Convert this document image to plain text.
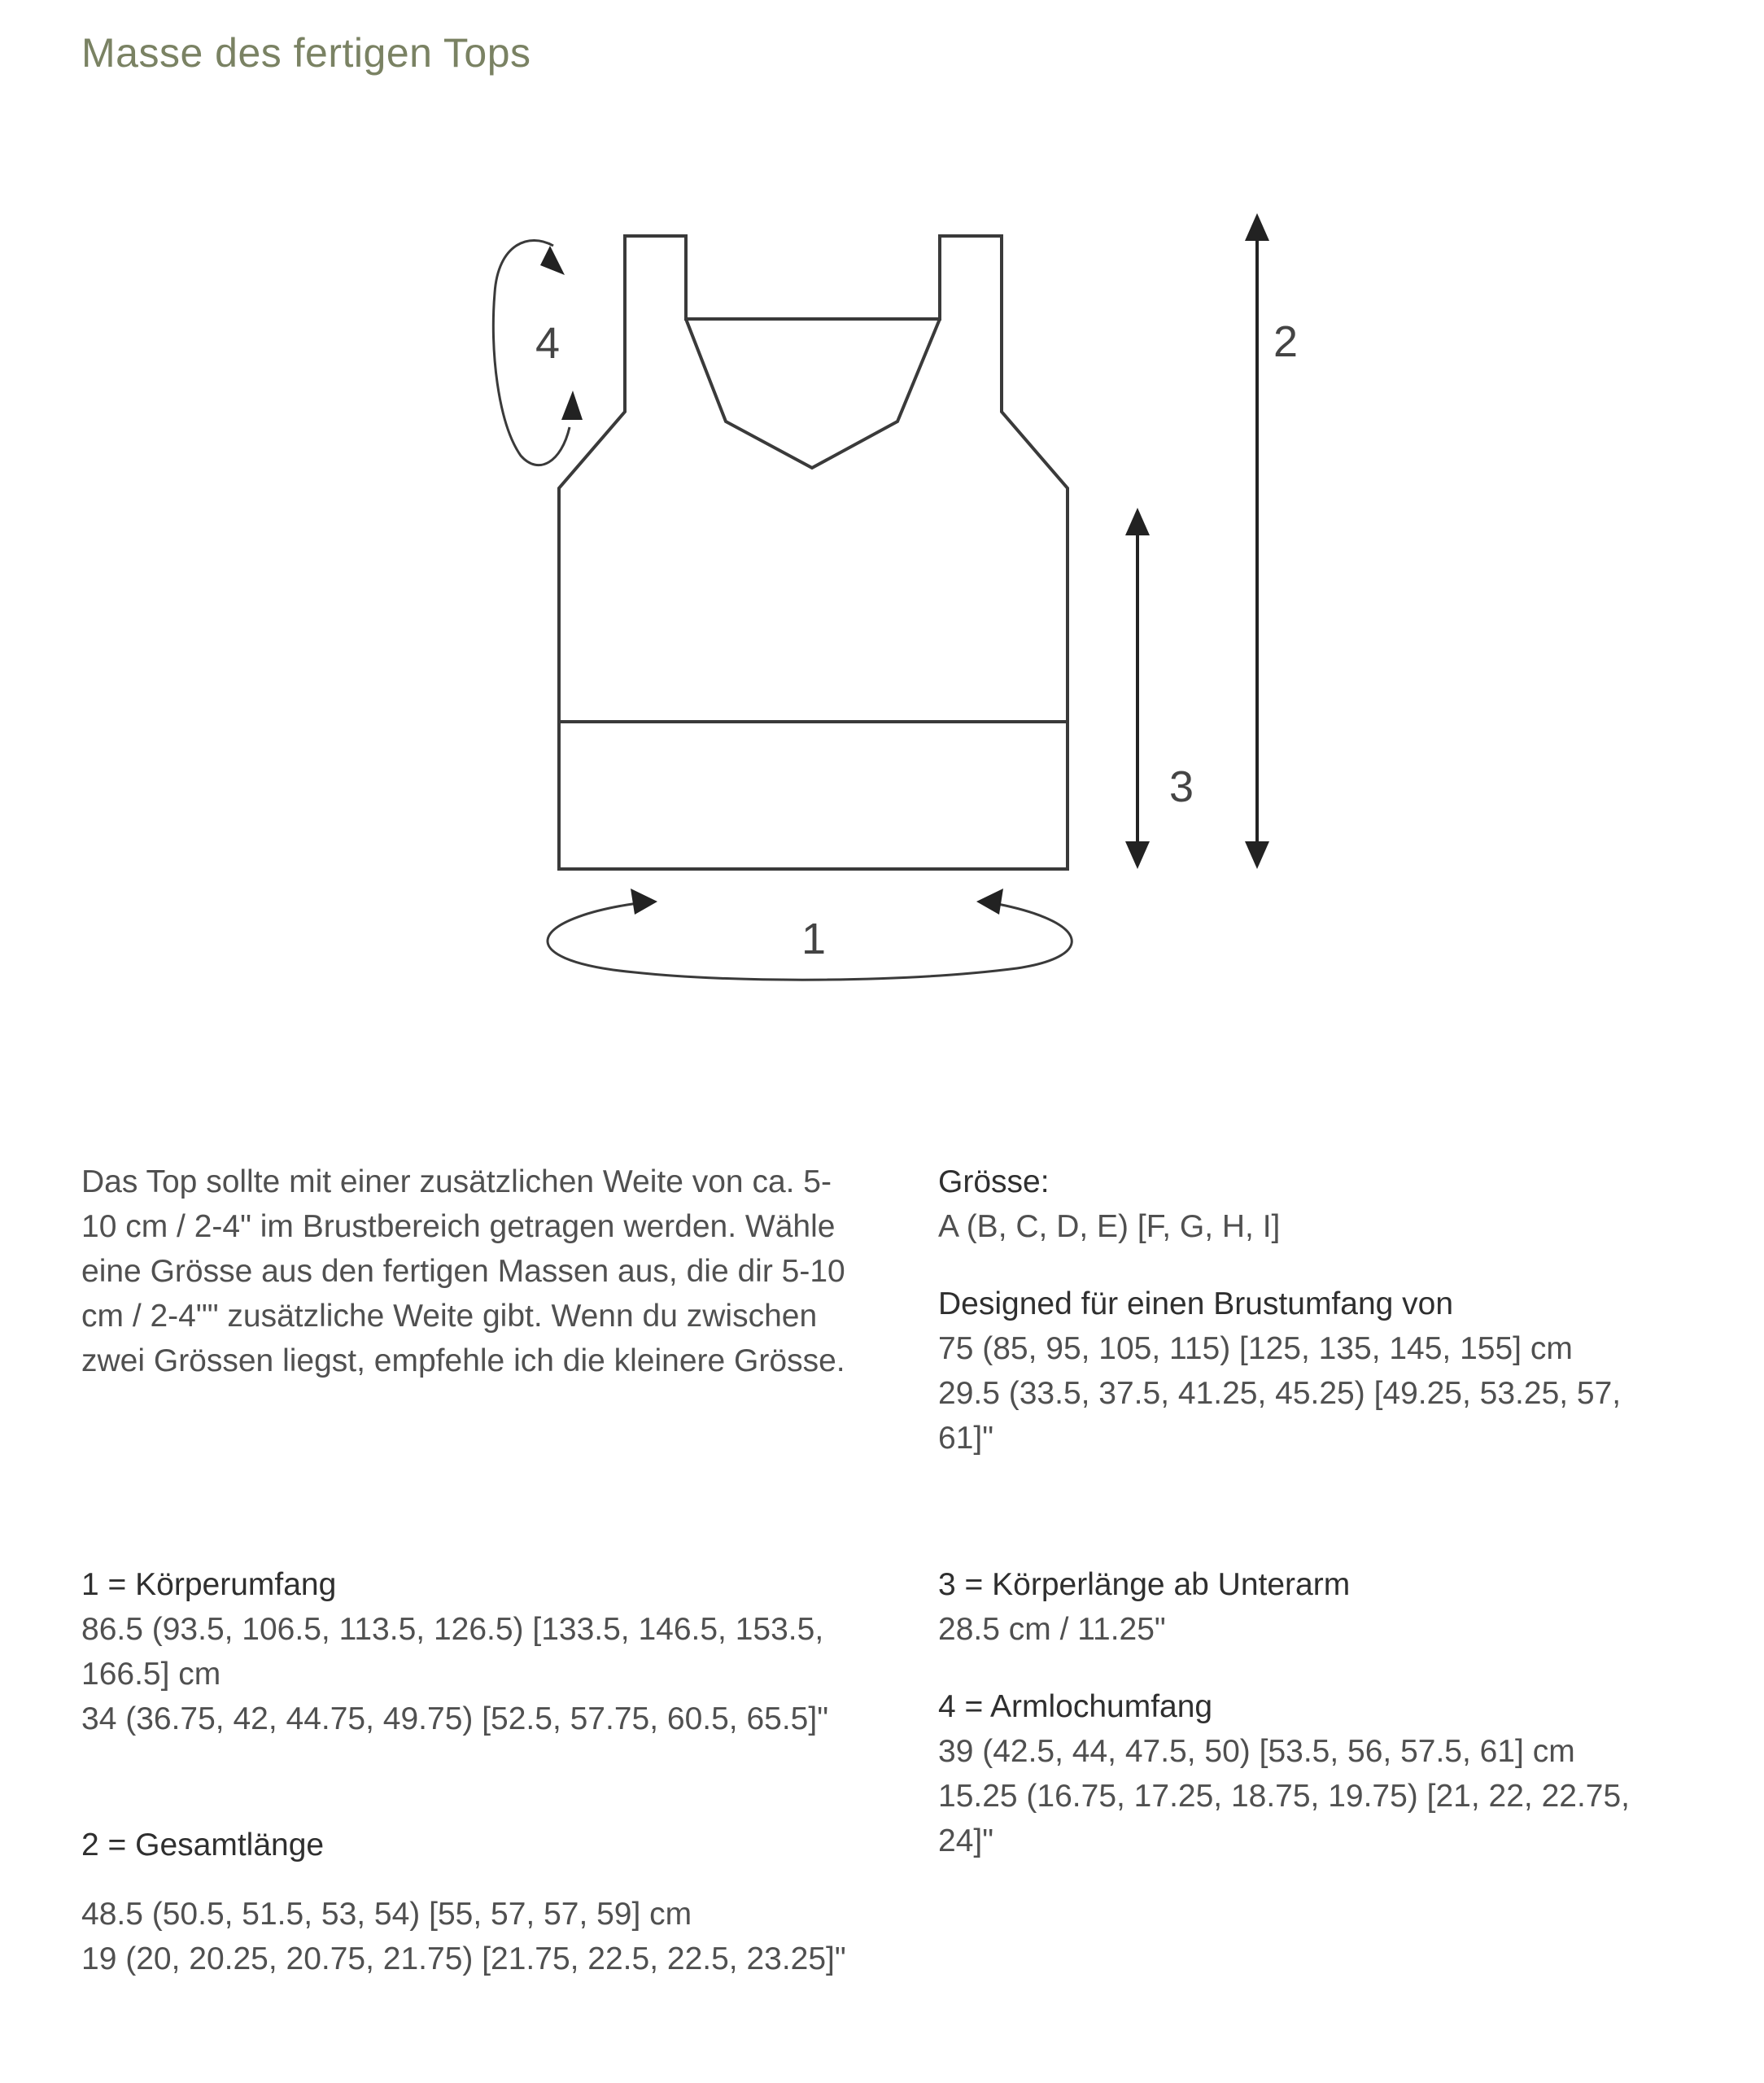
Masse des fertigen Tops
1
2
3
4

Das Top sollte mit einer zusätzlichen Weite von ca. 5-10 cm / 2-4" im Brustbereich getragen werden. Wähle eine Grösse aus den fertigen Massen aus, die dir 5-10 cm / 2-4"" zusätzliche Weite gibt. Wenn du zwischen zwei Grössen liegst, empfehle ich die kleinere Grösse.

Grösse:

A (B, C, D, E) [F, G, H, I]

Designed für einen Brustumfang von

75 (85, 95, 105, 115) [125, 135, 145, 155] cm

29.5 (33.5, 37.5, 41.25, 45.25) [49.25, 53.25, 57, 61]"

1 = Körperumfang

86.5 (93.5, 106.5, 113.5, 126.5) [133.5, 146.5, 153.5, 166.5] cm

34 (36.75, 42, 44.75, 49.75) [52.5, 57.75, 60.5, 65.5]"

2 = Gesamtlänge

48.5 (50.5, 51.5, 53, 54) [55, 57, 57, 59] cm

19 (20, 20.25, 20.75, 21.75) [21.75, 22.5, 22.5, 23.25]"

3 = Körperlänge ab Unterarm

28.5 cm / 11.25"

4 = Armlochumfang

39 (42.5, 44, 47.5, 50) [53.5, 56, 57.5, 61] cm

15.25 (16.75, 17.25, 18.75, 19.75) [21, 22, 22.75, 24]"
